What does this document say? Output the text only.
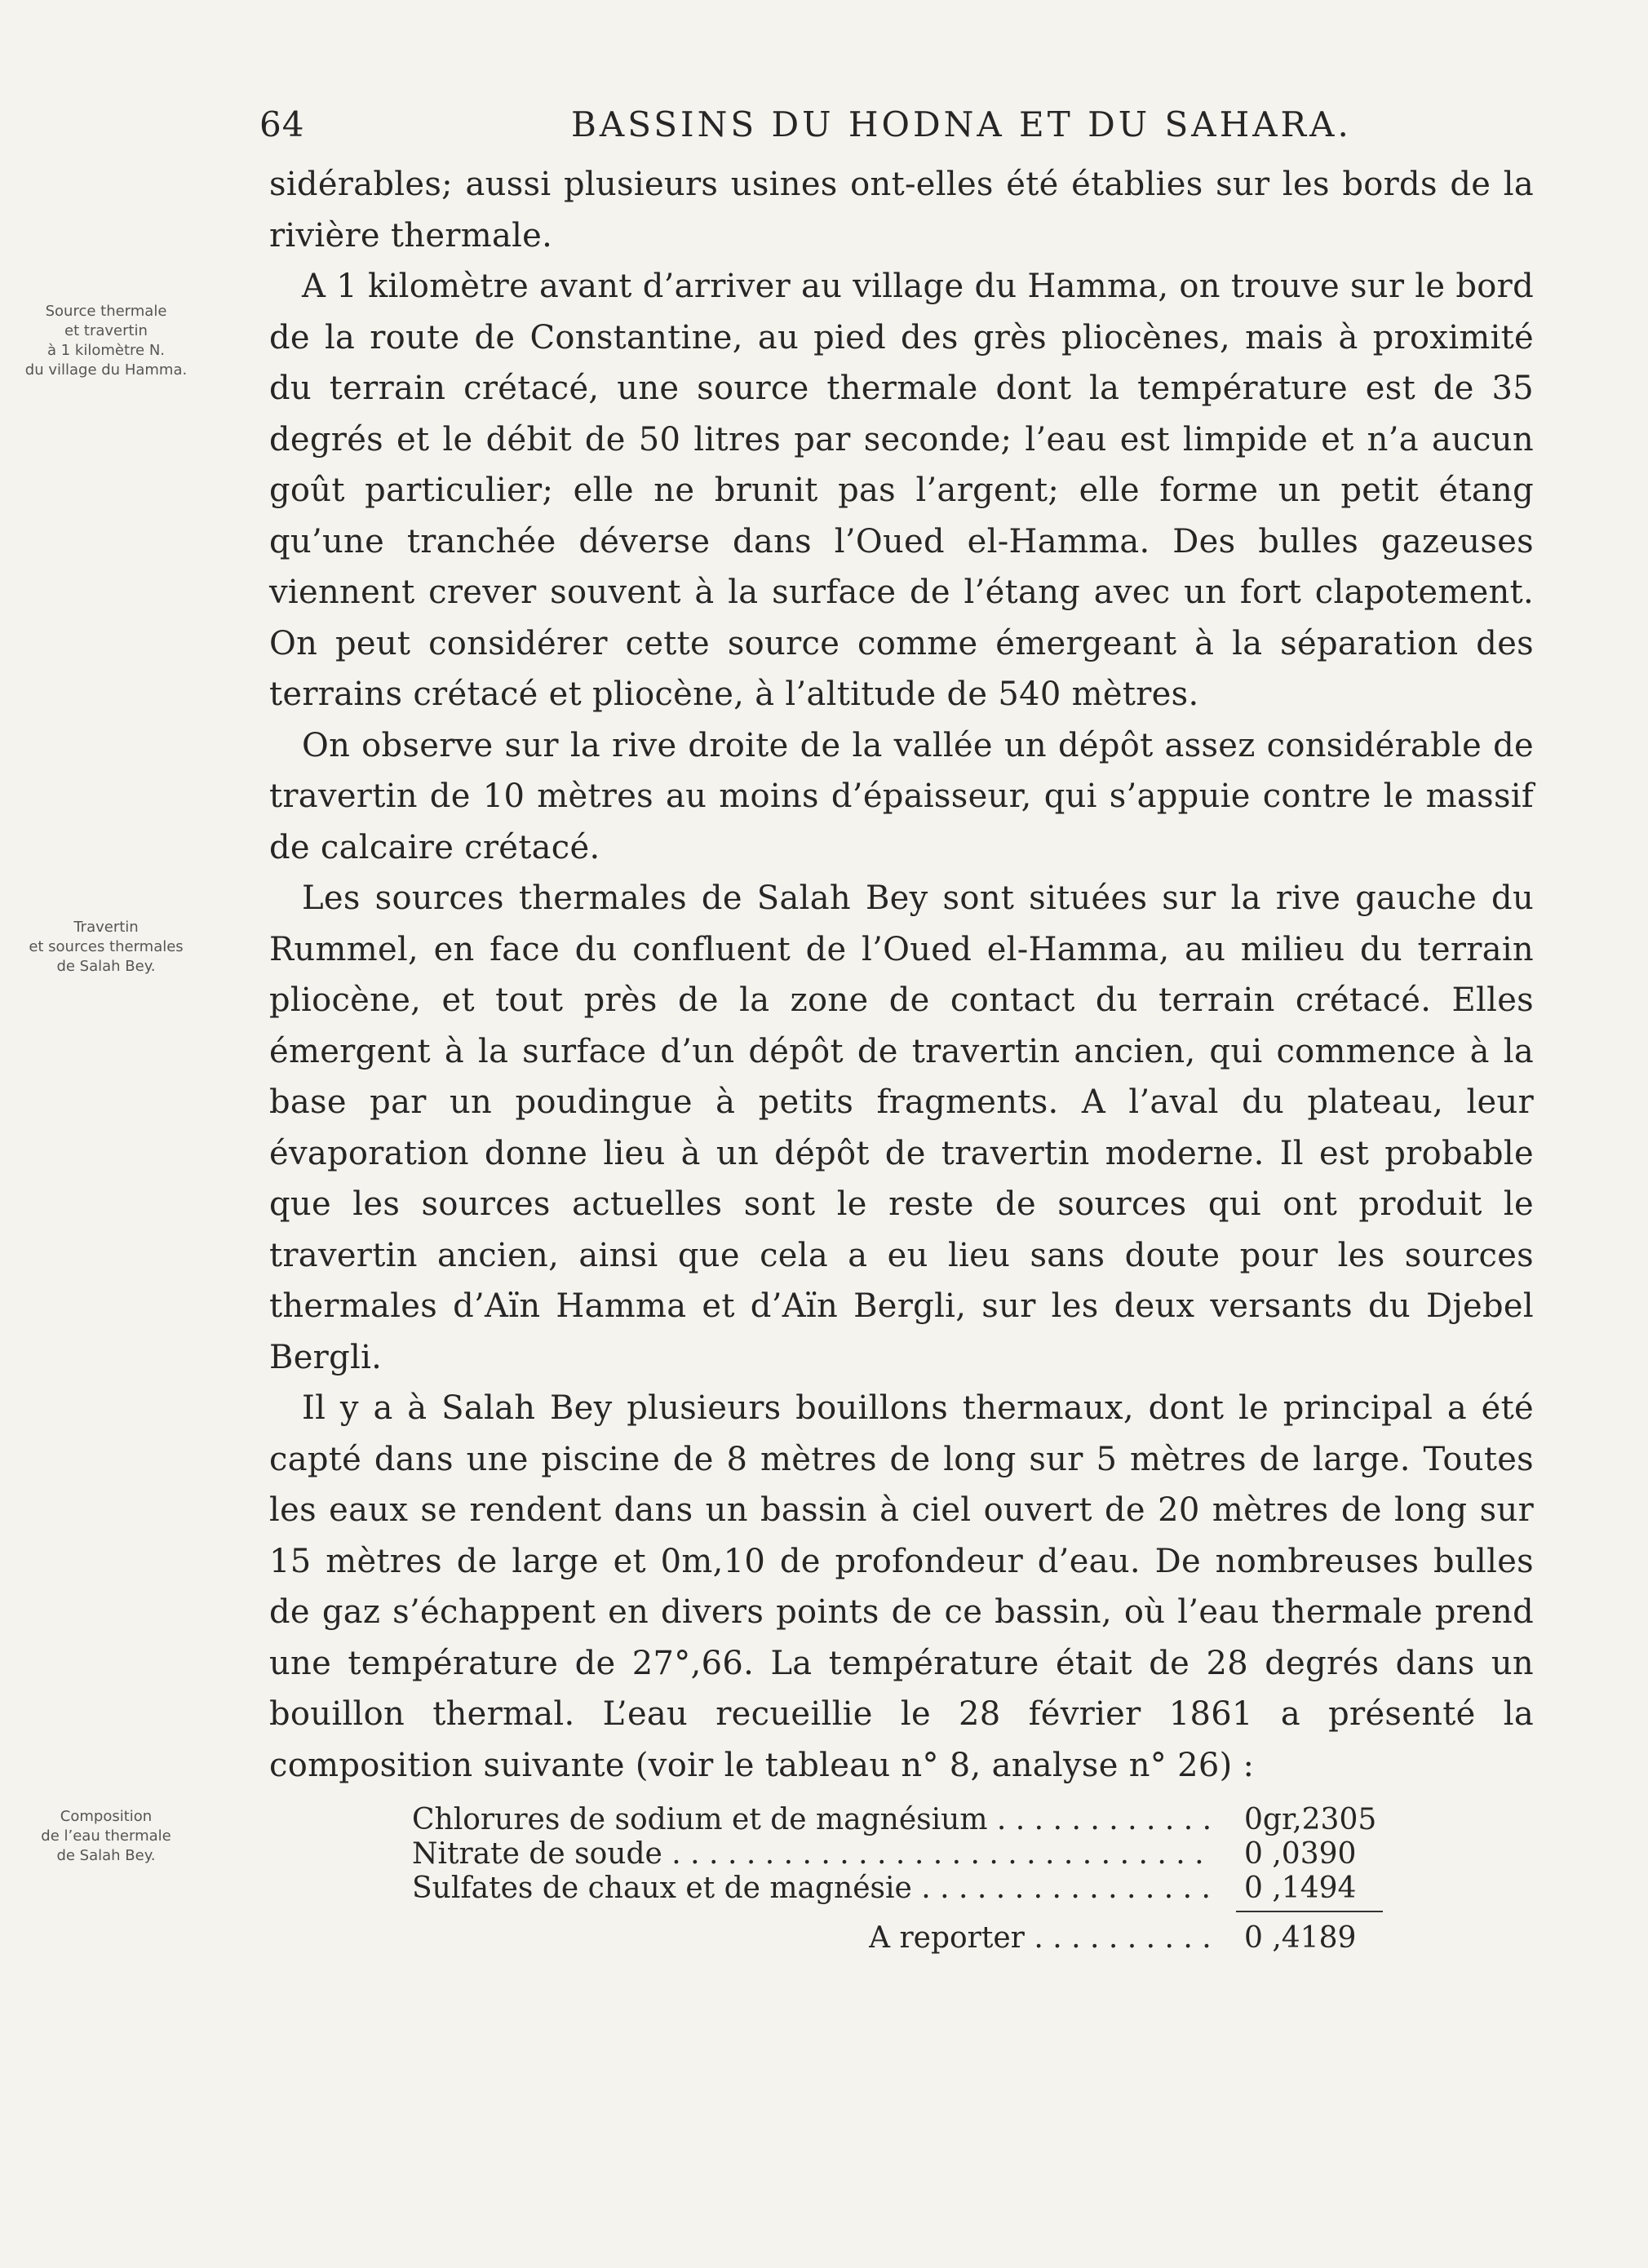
64	BASSINS DU HODNA ET DU SAHARA.
Source thermale
et travertin
à 1 kilomètre N.
du village du Hamma.
Travertin
et sources thermales
de Salah Bey.
Composition
de l’eau thermale
de Salah Bey.

sidérables; aussi plusieurs usines ont-elles été établies sur les bords de la rivière thermale.

A 1 kilomètre avant d’arriver au village du Hamma, on trouve sur le bord de la route de Constantine, au pied des grès pliocènes, mais à proximité du terrain crétacé, une source thermale dont la température est de 35 degrés et le débit de 50 litres par seconde; l’eau est limpide et n’a aucun goût particulier; elle ne brunit pas l’argent; elle forme un petit étang qu’une tranchée déverse dans l’Oued el-Hamma. Des bulles gazeuses viennent crever souvent à la surface de l’étang avec un fort clapotement. On peut considérer cette source comme émergeant à la séparation des terrains crétacé et pliocène, à l’altitude de 540 mètres.

On observe sur la rive droite de la vallée un dépôt assez considérable de travertin de 10 mètres au moins d’épaisseur, qui s’appuie contre le massif de calcaire crétacé.

Les sources thermales de Salah Bey sont situées sur la rive gauche du Rummel, en face du confluent de l’Oued el-Hamma, au milieu du terrain pliocène, et tout près de la zone de contact du terrain crétacé. Elles émergent à la surface d’un dépôt de travertin ancien, qui commence à la base par un poudingue à petits fragments. A l’aval du plateau, leur évaporation donne lieu à un dépôt de travertin moderne. Il est probable que les sources actuelles sont le reste de sources qui ont produit le travertin ancien, ainsi que cela a eu lieu sans doute pour les sources thermales d’Aïn Hamma et d’Aïn Bergli, sur les deux versants du Djebel Bergli.

Il y a à Salah Bey plusieurs bouillons thermaux, dont le principal a été capté dans une piscine de 8 mètres de long sur 5 mètres de large. Toutes les eaux se rendent dans un bassin à ciel ouvert de 20 mètres de long sur 15 mètres de large et 0m,10 de profondeur d’eau. De nombreuses bulles de gaz s’échappent en divers points de ce bassin, où l’eau thermale prend une température de 27°,66. La température était de 28 degrés dans un bouillon thermal. L’eau recueillie le 28 février 1861 a présenté la composition suivante (voir le tableau n° 8, analyse n° 26) :

Chlorures de sodium et de magnésium . . .	0gr,2305
Nitrate de soude . . .	0 ,0390
Sulfates de chaux et de magnésie . . .	0 ,1494
A reporter . . .	0 ,4189
